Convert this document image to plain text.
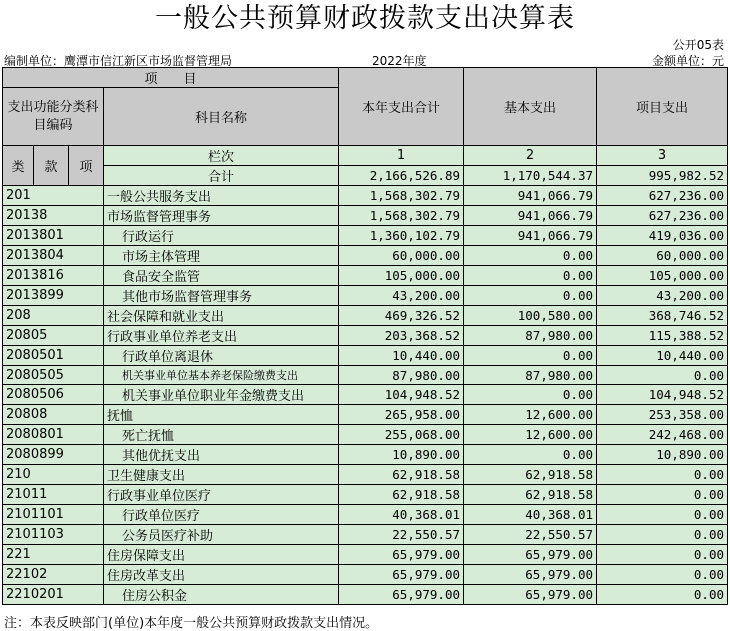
一般公共预算财政拨款支出决算表
公开05表
编制单位：鹰潭市信江新区市场监督管理局	2022年度	金额单位：元
项　　目				本年支出合计	基本支出	项目支出
支出功能分类科目编码			科目名称			

类	款	项				
			栏次	1	2	3
			合计	2,166,526.89	1,170,544.37	995,982.52
201			一般公共服务支出	1,568,302.79	941,066.79	627,236.00
20138			市场监督管理事务	1,568,302.79	941,066.79	627,236.00
2013801			行政运行	1,360,102.79	941,066.79	419,036.00
2013804			市场主体管理	60,000.00	0.00	60,000.00
2013816			食品安全监管	105,000.00	0.00	105,000.00
2013899			其他市场监督管理事务	43,200.00	0.00	43,200.00
208			社会保障和就业支出	469,326.52	100,580.00	368,746.52
20805			行政事业单位养老支出	203,368.52	87,980.00	115,388.52
2080501			行政单位离退休	10,440.00	0.00	10,440.00
2080505			机关事业单位基本养老保险缴费支出	87,980.00	87,980.00	0.00
2080506			机关事业单位职业年金缴费支出	104,948.52	0.00	104,948.52
20808			抚恤	265,958.00	12,600.00	253,358.00
2080801			死亡抚恤	255,068.00	12,600.00	242,468.00
2080899			其他优抚支出	10,890.00	0.00	10,890.00
210			卫生健康支出	62,918.58	62,918.58	0.00
21011			行政事业单位医疗	62,918.58	62,918.58	0.00
2101101			行政单位医疗	40,368.01	40,368.01	0.00
2101103			公务员医疗补助	22,550.57	22,550.57	0.00
221			住房保障支出	65,979.00	65,979.00	0.00
22102			住房改革支出	65,979.00	65,979.00	0.00
2210201			住房公积金	65,979.00	65,979.00	0.00
注：本表反映部门(单位)本年度一般公共预算财政拨款支出情况。
